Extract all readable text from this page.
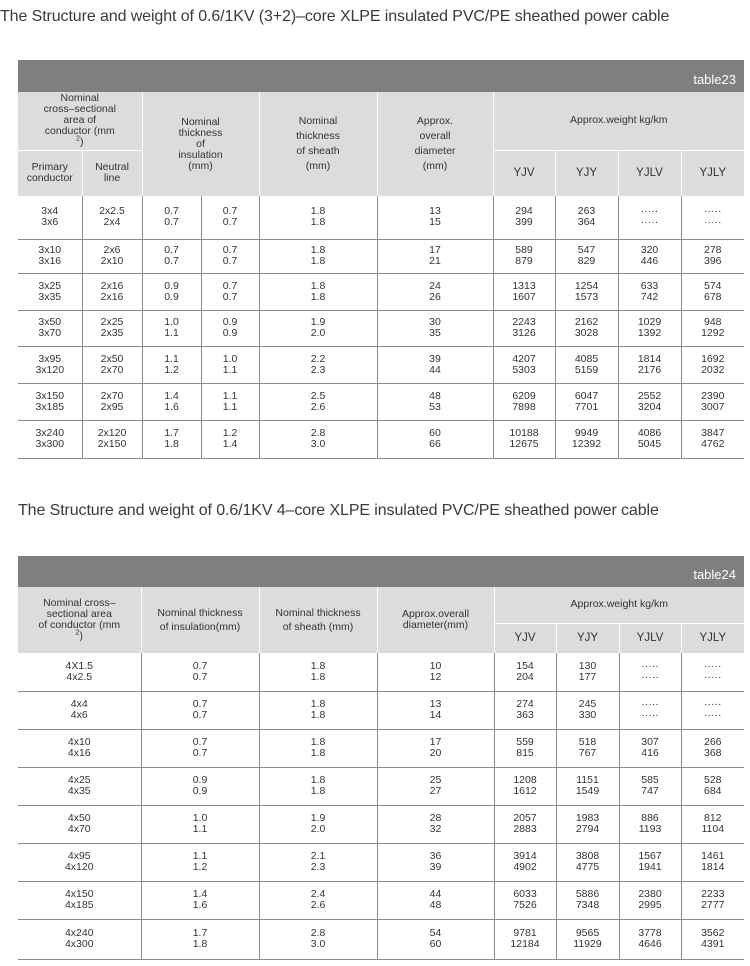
The Structure and weight of 0.6/1KV (3+2)–core XLPE insulated PVC/PE sheathed power cable
table23
Nominal
cross–sectional
area of
conductor (mm
$^2$)		Nominal
thickness
of
insulation
(mm)		Nominal
thickness
of sheath
(mm)	Approx.
overall
diameter
(mm)	Approx.weight kg/km			

Primary
conductor	Neutral
line					YJV	YJY	YJLV	YJLY

3x4
3x6	2x2.5
2x4	0.7
0.7	0.7
0.7	1.8
1.8	13
15	294
399	263
364	·····
·····	·····
·····

3x10
3x16	2x6
2x10	0.7
0.7	0.7
0.7	1.8
1.8	17
21	589
879	547
829	320
446	278
396

3x25
3x35	2x16
2x16	0.9
0.9	0.7
0.7	1.8
1.8	24
26	1313
1607	1254
1573	633
742	574
678

3x50
3x70	2x25
2x35	1.0
1.1	0.9
0.9	1.9
2.0	30
35	2243
3126	2162
3028	1029
1392	948
1292

3x95
3x120	2x50
2x70	1.1
1.2	1.0
1.1	2.2
2.3	39
44	4207
5303	4085
5159	1814
2176	1692
2032

3x150
3x185	2x70
2x95	1.4
1.6	1.1
1.1	2.5
2.6	48
53	6209
7898	6047
7701	2552
3204	2390
3007

3x240
3x300	2x120
2x150	1.7
1.8	1.2
1.4	2.8
3.0	60
66	10188
12675	9949
12392	4086
5045	3847
4762
The Structure and weight of 0.6/1KV 4–core XLPE insulated PVC/PE sheathed power cable
table24
Nominal cross–
sectional area
of conductor (mm
$^2$)	Nominal thickness
of insulation(mm)	Nominal thickness
of sheath (mm)	Approx.overall
diameter(mm)	Approx.weight kg/km			
				YJV	YJY	YJLV	YJLY

4X1.5
4x2.5	0.7
0.7	1.8
1.8	10
12	154
204	130
177	·····
·····	·····
·····

4x4
4x6	0.7
0.7	1.8
1.8	13
14	274
363	245
330	·····
·····	·····
·····

4x10
4x16	0.7
0.7	1.8
1.8	17
20	559
815	518
767	307
416	266
368

4x25
4x35	0.9
0.9	1.8
1.8	25
27	1208
1612	1151
1549	585
747	528
684

4x50
4x70	1.0
1.1	1.9
2.0	28
32	2057
2883	1983
2794	886
1193	812
1104

4x95
4x120	1.1
1.2	2.1
2.3	36
39	3914
4902	3808
4775	1567
1941	1461
1814

4x150
4x185	1.4
1.6	2.4
2.6	44
48	6033
7526	5886
7348	2380
2995	2233
2777

4x240
4x300	1.7
1.8	2.8
3.0	54
60	9781
12184	9565
11929	3778
4646	3562
4391
